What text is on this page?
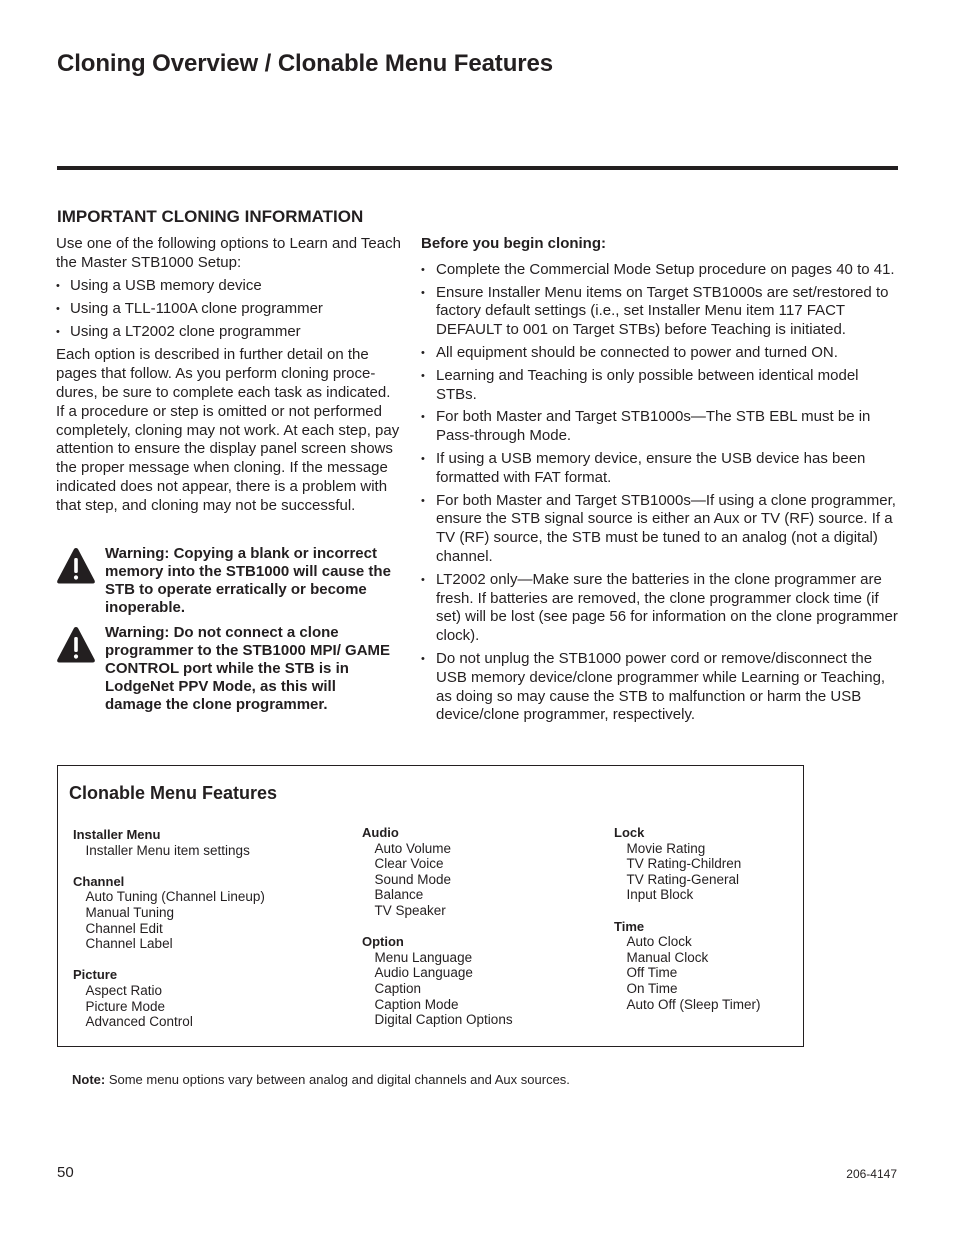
Cloning Overview / Clonable Menu Features
IMPORTANT CLONING INFORMATION

Use one of the following options to Learn and Teach the Master STB1000 Setup:

• Using a USB memory device
• Using a TLL-1100A clone programmer
• Using a LT2002 clone programmer

Each option is described in further detail on the pages that follow. As you perform cloning procedures, be sure to complete each task as indicated. If a procedure or step is omitted or not performed completely, cloning may not work. At each step, pay attention to ensure the display panel screen shows the proper message when cloning. If the message indicated does not appear, there is a problem with that step, and cloning may not be successful.

Warning: Copying a blank or incorrect memory into the STB1000 will cause the STB to operate erratically or become inoperable.
Warning: Do not connect a clone programmer to the STB1000 MPI/ GAME CONTROL port while the STB is in LodgeNet PPV Mode, as this will damage the clone programmer.

Before you begin cloning:

• Complete the Commercial Mode Setup procedure on pages 40 to 41.
• Ensure Installer Menu items on Target STB1000s are set/restored to factory default settings (i.e., set Installer Menu item 117 FACT DEFAULT to 001 on Target STBs) before Teaching is initiated.
• All equipment should be connected to power and turned ON.
• Learning and Teaching is only possible between identical model STBs.
• For both Master and Target STB1000s—The STB EBL must be in Pass-through Mode.
• If using a USB memory device, ensure the USB device has been formatted with FAT format.
• For both Master and Target STB1000s—If using a clone programmer, ensure the STB signal source is either an Aux or TV (RF) source. If a TV (RF) source, the STB must be tuned to an analog (not a digital) channel.
• LT2002 only—Make sure the batteries in the clone programmer are fresh. If batteries are removed, the clone programmer clock time (if set) will be lost (see page 56 for information on the clone programmer clock).
• Do not unplug the STB1000 power cord or remove/disconnect the USB memory device/clone programmer while Learning or Teaching, as doing so may cause the STB to malfunction or harm the USB device/clone programmer, respectively.
Clonable Menu Features
Installer Menu
Installer Menu item settings
Channel
Auto Tuning (Channel Lineup)
Manual Tuning
Channel Edit
Channel Label
Picture
Aspect Ratio
Picture Mode
Advanced Control
Audio
Auto Volume
Clear Voice
Sound Mode
Balance
TV Speaker
Option
Menu Language
Audio Language
Caption
Caption Mode
Digital Caption Options
Lock
Movie Rating
TV Rating-Children
TV Rating-General
Input Block
Time
Auto Clock
Manual Clock
Off Time
On Time
Auto Off (Sleep Timer)
Note: Some menu options vary between analog and digital channels and Aux sources.
50	206-4147
